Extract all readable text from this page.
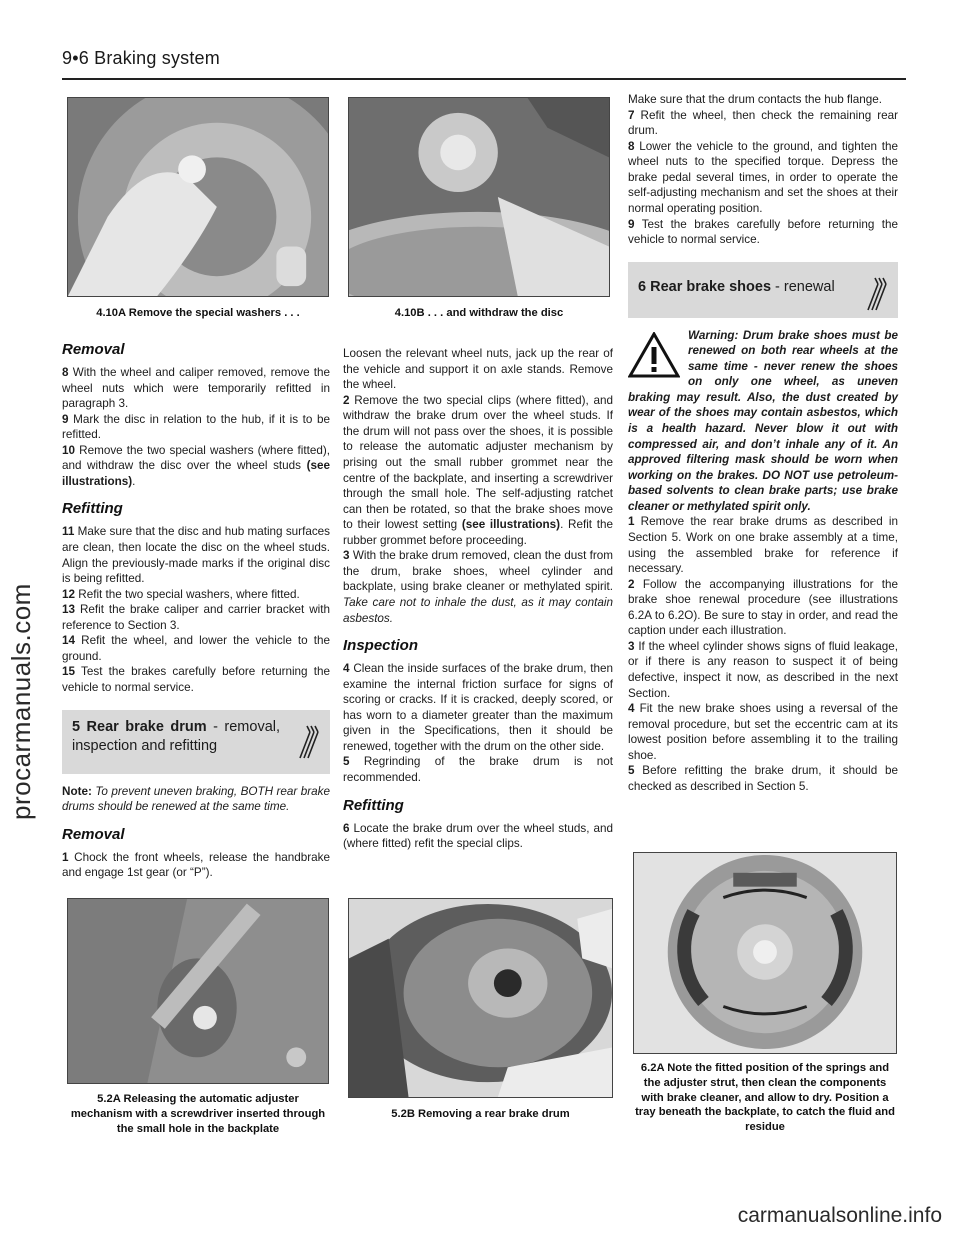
9•6 Braking system
4.10A Remove the special washers . . .	4.10B . . . and withdraw the disc
Removal

8 With the wheel and caliper removed, remove the wheel nuts which were temporarily refitted in paragraph 3.

9 Mark the disc in relation to the hub, if it is to be refitted.

10 Remove the two special washers (where fitted), and withdraw the disc over the wheel studs (see illustrations).

Refitting

11 Make sure that the disc and hub mating surfaces are clean, then locate the disc on the wheel studs. Align the previously-made marks if the original disc is being refitted.

12 Refit the two special washers, where fitted.

13 Refit the brake caliper and carrier bracket with reference to Section 3.

14 Refit the wheel, and lower the vehicle to the ground.

15 Test the brakes carefully before returning the vehicle to normal service.

5 Rear brake drum - removal, inspection and refitting

Note: To prevent uneven braking, BOTH rear brake drums should be renewed at the same time.

Removal

1 Chock the front wheels, release the handbrake and engage 1st gear (or “P”).

Loosen the relevant wheel nuts, jack up the rear of the vehicle and support it on axle stands. Remove the wheel.

2 Remove the two special clips (where fitted), and withdraw the brake drum over the wheel studs. If the drum will not pass over the shoes, it is possible to release the automatic adjuster mechanism by prising out the small rubber grommet near the centre of the backplate, and inserting a screwdriver through the small hole. The self-adjusting ratchet can then be rotated, so that the brake shoes move to their lowest setting (see illustrations). Refit the rubber grommet before proceeding.

3 With the brake drum removed, clean the dust from the drum, brake shoes, wheel cylinder and backplate, using brake cleaner or methylated spirit. Take care not to inhale the dust, as it may contain asbestos.

Inspection

4 Clean the inside surfaces of the brake drum, then examine the internal friction surface for signs of scoring or cracks. If it is cracked, deeply scored, or has worn to a diameter greater than the maximum given in the Specifications, then it should be renewed, together with the drum on the other side.

5 Regrinding of the brake drum is not recommended.

Refitting

6 Locate the brake drum over the wheel studs, and (where fitted) refit the special clips.

Make sure that the drum contacts the hub flange.

7 Refit the wheel, then check the remaining rear drum.

8 Lower the vehicle to the ground, and tighten the wheel nuts to the specified torque. Depress the brake pedal several times, in order to operate the self-adjusting mechanism and set the shoes at their normal operating position.

9 Test the brakes carefully before returning the vehicle to normal service.

6 Rear brake shoes - renewal
Warning: Drum brake shoes must be renewed on both rear wheels at the same time - never renew the shoes on only one wheel, as uneven braking may result. Also, the dust created by wear of the shoes may contain asbestos, which is a health hazard. Never blow it out with compressed air, and don’t inhale any of it. An approved filtering mask should be worn when working on the brakes. DO NOT use petroleum-based solvents to clean brake parts; use brake cleaner or methylated spirit only.

1 Remove the rear brake drums as described in Section 5. Work on one brake assembly at a time, using the assembled brake for reference if necessary.

2 Follow the accompanying illustrations for the brake shoe renewal procedure (see illustrations 6.2A to 6.2O). Be sure to stay in order, and read the caption under each illustration.

3 If the wheel cylinder shows signs of fluid leakage, or if there is any reason to suspect it of being defective, inspect it now, as described in the next Section.

4 Fit the new brake shoes using a reversal of the removal procedure, but set the eccentric cam at its lowest position before assembling it to the trailing shoe.

5 Before refitting the brake drum, it should be checked as described in Section 5.

5.2A Releasing the automatic adjuster mechanism with a screwdriver inserted through the small hole in the backplate
5.2B Removing a rear brake drum
6.2A Note the fitted position of the springs and the adjuster strut, then clean the components with brake cleaner, and allow to dry. Position a tray beneath the backplate, to catch the fluid and residue
procarmanuals.com
carmanualsonline.info
